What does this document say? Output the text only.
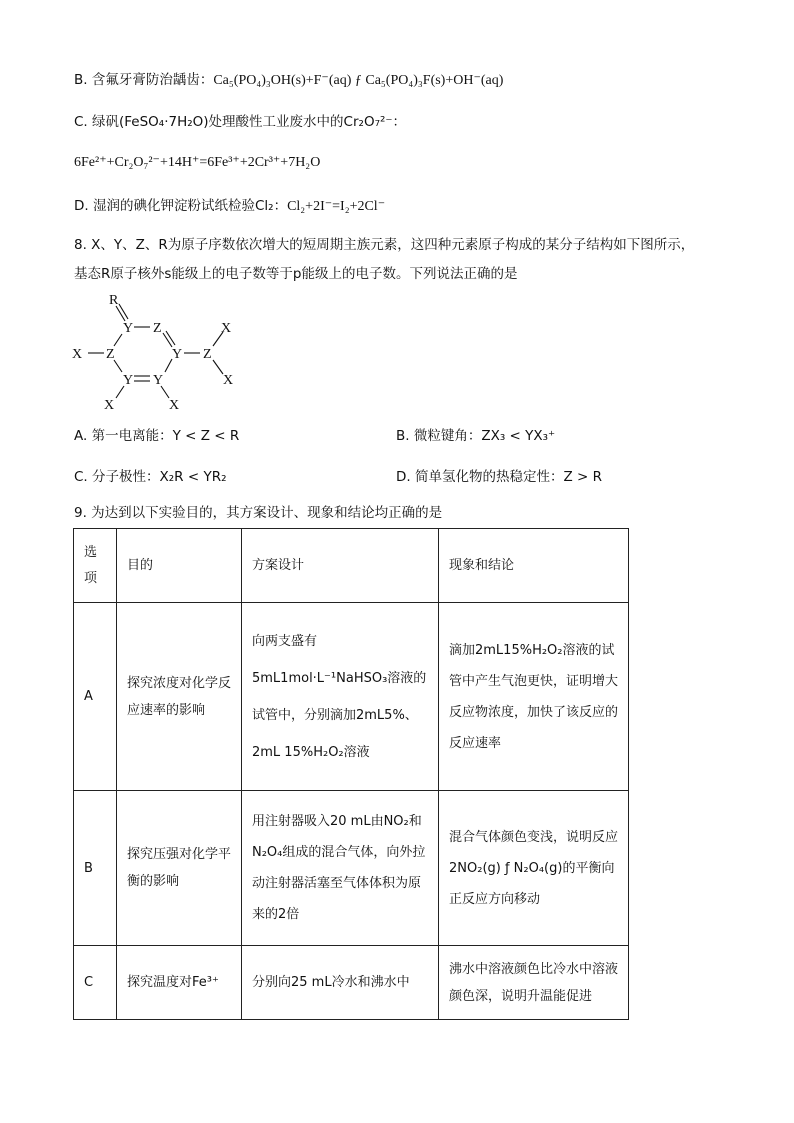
B. 含氟牙膏防治龋齿：Ca₅(PO₄)₃OH(s)+F⁻(aq) ƒ Ca₅(PO₄)₃F(s)+OH⁻(aq)
C. 绿矾(FeSO₄·7H₂O)处理酸性工业废水中的Cr₂O₇²⁻：
6Fe²⁺+Cr₂O₇²⁻+14H⁺=6Fe³⁺+2Cr³⁺+7H₂O
D. 湿润的碘化钾淀粉试纸检验Cl₂：Cl₂+2I⁻=I₂+2Cl⁻
8. X、Y、Z、R为原子序数依次增大的短周期主族元素，这四种元素原子构成的某分子结构如下图所示，
基态R原子核外s能级上的电子数等于p能级上的电子数。下列说法正确的是
R
Y Z	X
X Z	Y Z
X
Y Y
X	X
A. 第一电离能：Y < Z < R	B. 微粒键角：ZX₃ < YX₃⁺
C. 分子极性：X₂R < YR₂	D. 简单氢化物的热稳定性：Z > R
9. 为达到以下实验目的，其方案设计、现象和结论均正确的是
选
项	目的	方案设计	现象和结论
A	探究浓度对化学反应速率的影响	向两支盛有5mL1mol·L⁻¹NaHSO₃溶液的试管中，分别滴加2mL5%、2mL 15%H₂O₂溶液	滴加2mL15%H₂O₂溶液的试管中产生气泡更快，证明增大反应物浓度，加快了该反应的反应速率
B	探究压强对化学平衡的影响	用注射器吸入20 mL由NO₂和N₂O₄组成的混合气体，向外拉动注射器活塞至气体体积为原来的2倍	混合气体颜色变浅，说明反应2NO₂(g) ƒ N₂O₄(g)的平衡向正反应方向移动
C	探究温度对Fe³⁺	分别向25 mL冷水和沸水中	沸水中溶液颜色比冷水中溶液颜色深，说明升温能促进
